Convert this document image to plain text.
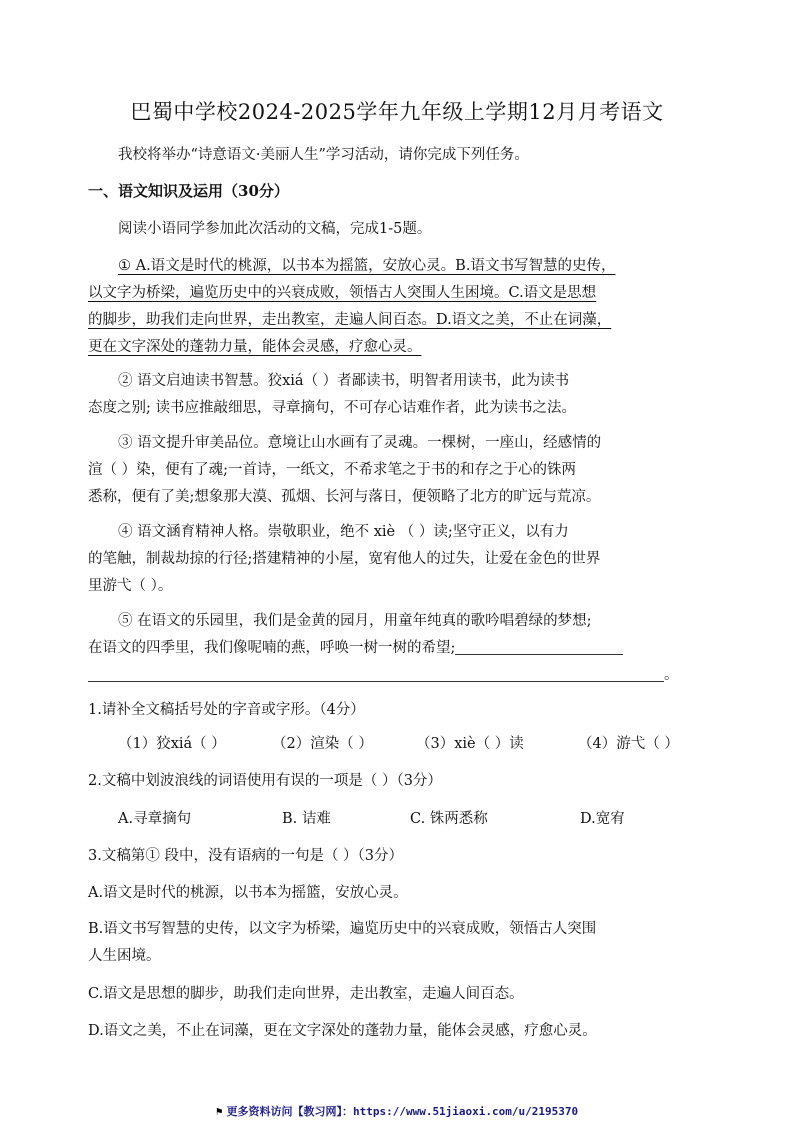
巴蜀中学校2024-2025学年九年级上学期12月月考语文
我校将举办“诗意语文·美丽人生”学习活动，请你完成下列任务。
一、语文知识及运用（30分）
阅读小语同学参加此次活动的文稿，完成1-5题。
① A.语文是时代的桃源，以书本为摇篮，安放心灵。B.语文书写智慧的史传，
以文字为桥梁，遍览历史中的兴衰成败，领悟古人突围人生困境。C.语文是思想
的脚步，助我们走向世界，走出教室，走遍人间百态。D.语文之美，不止在词藻，
更在文字深处的蓬勃力量，能体会灵感，疗愈心灵。
② 语文启迪读书智慧。狡xiá（ ）者鄙读书，明智者用读书，此为读书
态度之别; 读书应推敲细思，寻章摘句，不可存心诘难作者，此为读书之法。
③ 语文提升审美品位。意境让山水画有了灵魂。一棵树，一座山，经感情的
渲（ ）染，便有了魂;一首诗，一纸文，不希求笔之于书的和存之于心的铢两
悉称，便有了美;想象那大漠、孤烟、长河与落日，便领略了北方的旷远与荒凉。
④ 语文涵育精神人格。崇敬职业，绝不 xiè （ ）读;坚守正义，以有力
的笔触，制裁劫掠的行径;搭建精神的小屋，宽宥他人的过失，让爱在金色的世界
里游弋（ ）。
⑤ 在语文的乐园里，我们是金黄的园月，用童年纯真的歌吟唱碧绿的梦想;
在语文的四季里，我们像呢喃的燕，呼唤一树一树的希望;
。
1.请补全文稿括号处的字音或字形。（4分）
（1）狡xiá（ ）	（2）渲染（ ）	（3）xiè（ ）读	（4）游弋（ ）
2.文稿中划波浪线的词语使用有误的一项是（ ）（3分）
A.寻章摘句	B. 诘难	C. 铢两悉称	D.宽宥
3.文稿第① 段中，没有语病的一句是（ ）（3分）
A.语文是时代的桃源，以书本为摇篮，安放心灵。
B.语文书写智慧的史传，以文字为桥梁，遍览历史中的兴衰成败，领悟古人突围
人生困境。
C.语文是思想的脚步，助我们走向世界，走出教室，走遍人间百态。
D.语文之美，不止在词藻，更在文字深处的蓬勃力量，能体会灵感，疗愈心灵。
⚑ 更多资料访问【教习网】：https://www.51jiaoxi.com/u/2195370
